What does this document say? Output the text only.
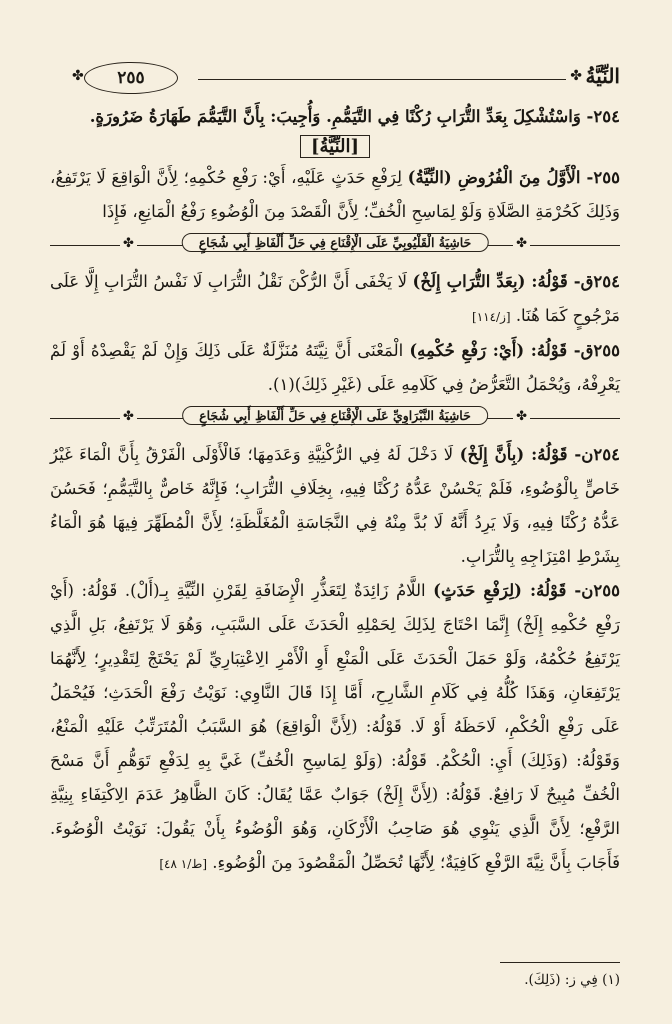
النِّيَّةُ
✤
✤	٢٥٥

٢٥٤- وَاسْتُشْكِلَ بِعَدِّ التُّرَابِ رُكْنًا فِي التَّيَمُّمِ. وَأُجِيبَ: بِأَنَّ التَّيَمُّمَ طَهَارَةُ ضَرُورَةٍ.

[النِّيَّةُ]

٢٥٥- الْأَوَّلُ مِنَ الْفُرُوضِ (النِّيَّةُ) لِرَفْعِ حَدَثٍ عَلَيْهِ، أَيْ: رَفْعِ حُكْمِهِ؛ لِأَنَّ الْوَاقِعَ لَا يَرْتَفِعُ، وَذَلِكَ كَحُرْمَةِ الصَّلَاةِ وَلَوْ لِمَاسِحِ الْخُفِّ؛ لِأَنَّ الْقَصْدَ مِنَ الْوُضُوءِ رَفْعُ الْمَانِعِ، فَإِذَا

✤
حَاشِيَةُ الْقَلْيُوبِيِّ عَلَى الْإِقْنَاعِ فِي حَلِّ أَلْفَاظِ أَبِي شُجَاعٍ
✤

٢٥٤ق- قَوْلُهُ: (بِعَدِّ التُّرَابِ إِلَخْ) لَا يَخْفَى أَنَّ الرُّكْنَ نَقْلُ التُّرَابِ لَا نَفْسُ التُّرَابِ إِلَّا عَلَى مَرْجُوحٍ كَمَا هُنَا. [ز/١١٤]

٢٥٥ق- قَوْلُهُ: (أَيْ: رَفْعِ حُكْمِهِ) الْمَعْنَى أَنَّ نِيَّتَهُ مُنَزَّلَةٌ عَلَى ذَلِكَ وَإِنْ لَمْ يَقْصِدْهُ أَوْ لَمْ يَعْرِفْهُ، وَيُحْمَلُ التَّعَرُّضُ فِي كَلَامِهِ عَلَى (غَيْرِ ذَلِكَ)(١).

✤
حَاشِيَةُ النَّبْرَاوِيِّ عَلَى الْإِقْنَاعِ فِي حَلِّ أَلْفَاظِ أَبِي شُجَاعٍ
✤

٢٥٤ن- قَوْلُهُ: (بِأَنَّ إِلَخْ) لَا دَخْلَ لَهُ فِي الرُّكْنِيَّةِ وَعَدَمِهَا؛ فَالْأَوْلَى الْفَرْقُ بِأَنَّ الْمَاءَ غَيْرُ خَاصٍّ بِالْوُضُوءِ، فَلَمْ يَحْسُنْ عَدُّهُ رُكْنًا فِيهِ، بِخِلَافِ التُّرَابِ؛ فَإِنَّهُ خَاصٌّ بِالتَّيَمُّمِ؛ فَحَسُنَ عَدُّهُ رُكْنًا فِيهِ، وَلَا يَرِدُ أَنَّهُ لَا بُدَّ مِنْهُ فِي النَّجَاسَةِ الْمُغَلَّظَةِ؛ لِأَنَّ الْمُطَهِّرَ فِيهَا هُوَ الْمَاءُ بِشَرْطِ امْتِزَاجِهِ بِالتُّرَابِ.

٢٥٥ن- قَوْلُهُ: (لِرَفْعِ حَدَثٍ) اللَّامُ زَائِدَةٌ لِتَعَذُّرِ الْإِضَافَةِ لِقَرْنِ النِّيَّةِ بِـ(أَلْ). قَوْلُهُ: (أَيْ رَفْعِ حُكْمِهِ إِلَخْ) إِنَّمَا احْتَاجَ لِذَلِكَ لِحَمْلِهِ الْحَدَثَ عَلَى السَّبَبِ، وَهُوَ لَا يَرْتَفِعُ، بَلِ الَّذِي يَرْتَفِعُ حُكْمُهُ، وَلَوْ حَمَلَ الْحَدَثَ عَلَى الْمَنْعِ أَوِ الْأَمْرِ الِاعْتِبَارِيِّ لَمْ يَحْتَجْ لِتَقْدِيرٍ؛ لِأَنَّهُمَا يَرْتَفِعَانِ، وَهَذَا كُلُّهُ فِي كَلَامِ الشَّارِحِ، أَمَّا إِذَا قَالَ النَّاوِي: نَوَيْتُ رَفْعَ الْحَدَثِ؛ فَيُحْمَلُ عَلَى رَفْعِ الْحُكْمِ، لَاحَظَهُ أَوْ لَا. قَوْلُهُ: (لِأَنَّ الْوَاقِعَ) هُوَ السَّبَبُ الْمُتَرَتِّبُ عَلَيْهِ الْمَنْعُ، وَقَوْلُهُ: (وَذَلِكَ) أَيِ: الْحُكْمُ. قَوْلُهُ: (وَلَوْ لِمَاسِحِ الْخُفِّ) غَيَّ بِهِ لِدَفْعِ تَوَهُّمِ أَنَّ مَسْحَ الْخُفِّ مُبِيحٌ لَا رَافِعٌ. قَوْلُهُ: (لِأَنَّ إِلَخْ) جَوَابٌ عَمَّا يُقَالُ: كَانَ الظَّاهِرُ عَدَمَ الِاكْتِفَاءِ بِنِيَّةِ الرَّفْعِ؛ لِأَنَّ الَّذِي يَنْوِي هُوَ صَاحِبُ الْأَرْكَانِ، وَهُوَ الْوُضُوءُ بِأَنْ يَقُولَ: نَوَيْتُ الْوُضُوءَ. فَأَجَابَ بِأَنَّ نِيَّةَ الرَّفْعِ كَافِيَةٌ؛ لِأَنَّهَا تُحَصِّلُ الْمَقْصُودَ مِنَ الْوُضُوءِ. [ط/١ ٤٨]

(١) فِي ز: (ذَلِكَ).
